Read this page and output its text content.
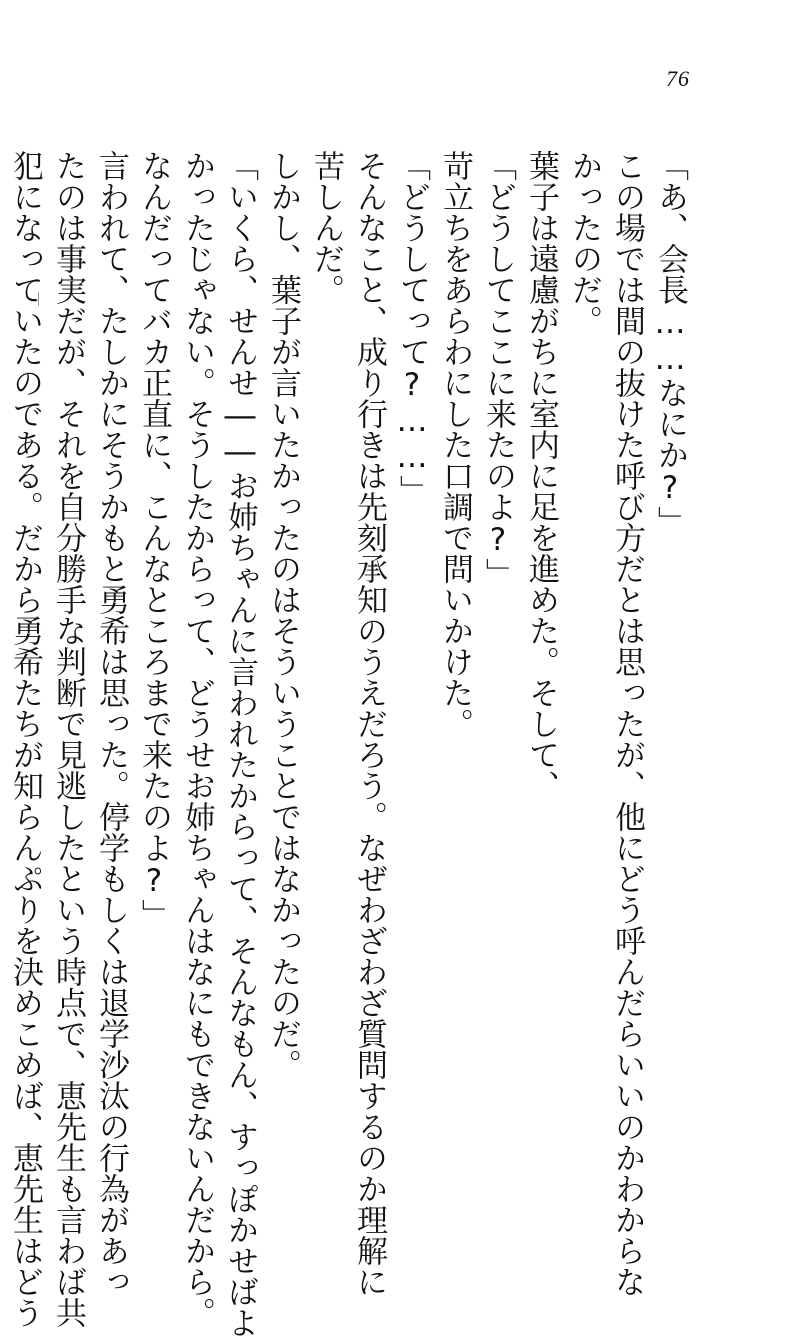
76
「あ、会長……なにか?」
この場では間の抜けた呼び方だとは思ったが、他にどう呼んだらいいのかわからな
かったのだ。
葉子は遠慮がちに室内に足を進めた。そして、
「どうしてここに来たのよ?」
苛立ちをあらわにした口調で問いかけた。
「どうしてって?……」
そんなこと、成り行きは先刻承知のうえだろう。なぜわざわざ質問するのか理解に
苦しんだ。
しかし、葉子が言いたかったのはそういうことではなかったのだ。
「いくら、せんせ――お姉ちゃんに言われたからって、そんなもん、すっぽかせばよ
かったじゃない。そうしたからって、どうせお姉ちゃんはなにもできないんだから。
なんだってバカ正直に、こんなところまで来たのよ?」
言われて、たしかにそうかもと勇希は思った。停学もしくは退学沙汰の行為があっ
たのは事実だが、それを自分勝手な判断で見逃したという時点で、恵先生も言わば共
犯になっていたのである。だから勇希たちが知らんぷりを決めこめば、恵先生はどう
